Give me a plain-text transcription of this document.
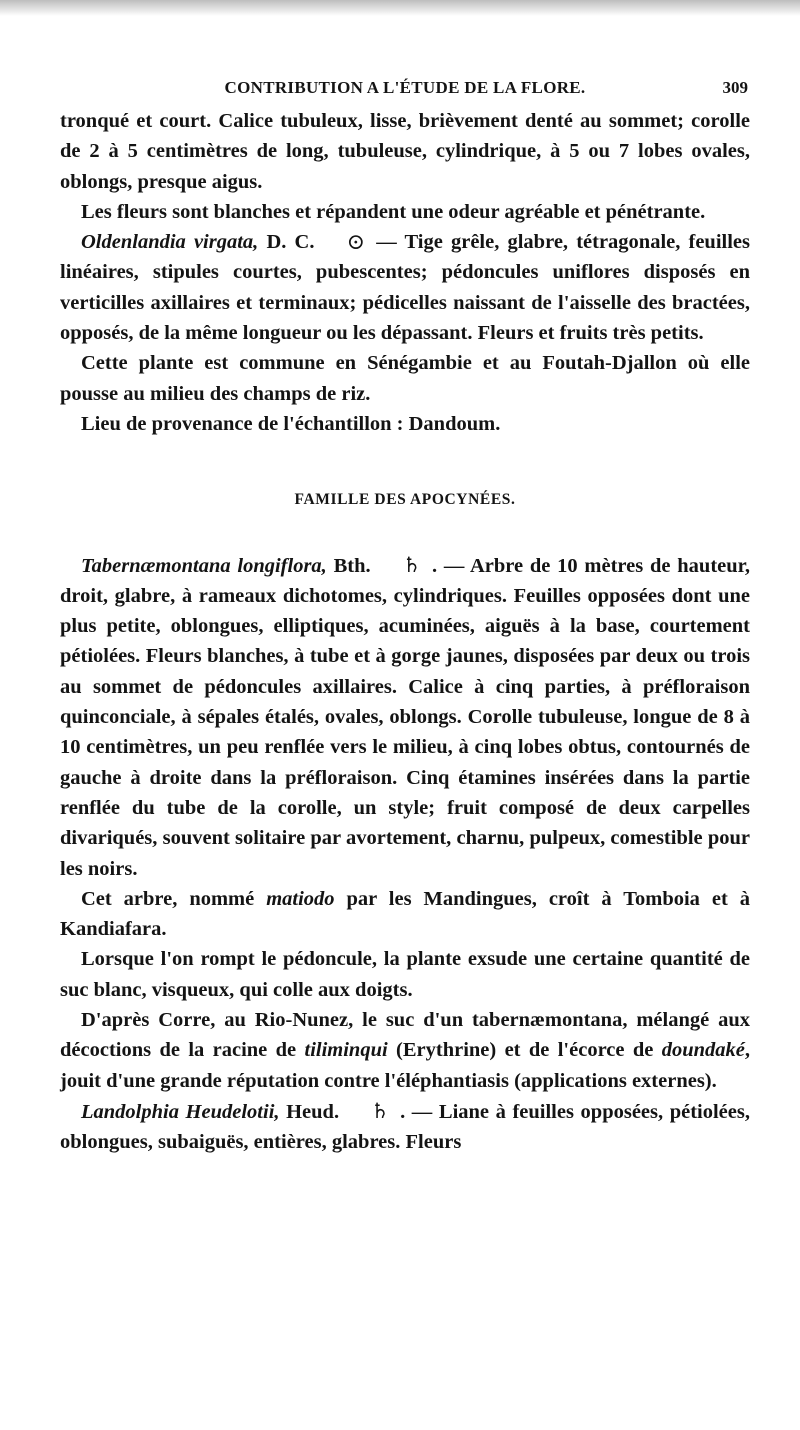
CONTRIBUTION A L'ÉTUDE DE LA FLORE.	309

tronqué et court. Calice tubuleux, lisse, brièvement denté au sommet; corolle de 2 à 5 centimètres de long, tubuleuse, cylindrique, à 5 ou 7 lobes ovales, oblongs, presque aigus.

Les fleurs sont blanches et répandent une odeur agréable et pénétrante.

Oldenlandia virgata, D. C. ⊙ — Tige grêle, glabre, tétragonale, feuilles linéaires, stipules courtes, pubescentes; pédoncules uniflores disposés en verticilles axillaires et terminaux; pédicelles naissant de l'aisselle des bractées, opposés, de la même longueur ou les dépassant. Fleurs et fruits très petits.

Cette plante est commune en Sénégambie et au Foutah-Djallon où elle pousse au milieu des champs de riz.

Lieu de provenance de l'échantillon : Dandoum.

FAMILLE DES APOCYNÉES.

Tabernæmontana longiflora, Bth. ♄ . — Arbre de 10 mètres de hauteur, droit, glabre, à rameaux dichotomes, cylindriques. Feuilles opposées dont une plus petite, oblongues, elliptiques, acuminées, aiguës à la base, courtement pétiolées. Fleurs blanches, à tube et à gorge jaunes, disposées par deux ou trois au sommet de pédoncules axillaires. Calice à cinq parties, à préfloraison quinconciale, à sépales étalés, ovales, oblongs. Corolle tubuleuse, longue de 8 à 10 centimètres, un peu renflée vers le milieu, à cinq lobes obtus, contournés de gauche à droite dans la préfloraison. Cinq étamines insérées dans la partie renflée du tube de la corolle, un style; fruit composé de deux carpelles divariqués, souvent solitaire par avortement, charnu, pulpeux, comestible pour les noirs.

Cet arbre, nommé matiodo par les Mandingues, croît à Tomboia et à Kandiafara.

Lorsque l'on rompt le pédoncule, la plante exsude une certaine quantité de suc blanc, visqueux, qui colle aux doigts.

D'après Corre, au Rio-Nunez, le suc d'un tabernæmontana, mélangé aux décoctions de la racine de tiliminqui (Erythrine) et de l'écorce de doundaké, jouit d'une grande réputation contre l'éléphantiasis (applications externes).

Landolphia Heudelotii, Heud. ♄ . — Liane à feuilles opposées, pétiolées, oblongues, subaiguës, entières, glabres. Fleurs
